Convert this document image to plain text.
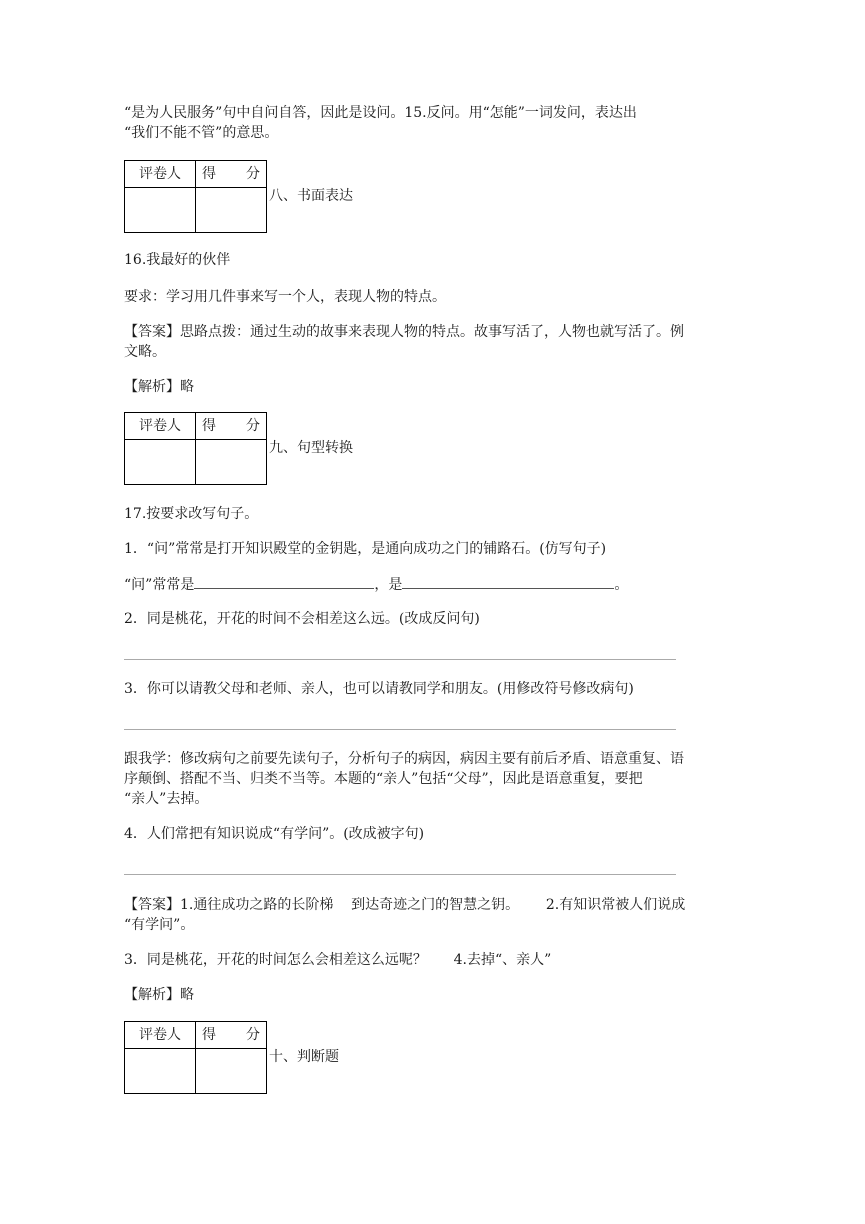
“是为人民服务”句中自问自答，因此是设问。15.反问。用“怎能”一词发问，表达出

“我们不能不管”的意思。

评卷人	得 分

八、书面表达

16.我最好的伙伴

要求：学习用几件事来写一个人，表现人物的特点。

【答案】思路点拨：通过生动的故事来表现人物的特点。故事写活了，人物也就写活了。例

文略。

【解析】略

评卷人	得 分

九、句型转换

17.按要求改写句子。

1．“问”常常是打开知识殿堂的金钥匙，是通向成功之门的铺路石。(仿写句子)

“问”常常是	，是	。

2．同是桃花，开花的时间不会相差这么远。(改成反问句)

3．你可以请教父母和老师、亲人，也可以请教同学和朋友。(用修改符号修改病句)

跟我学：修改病句之前要先读句子，分析句子的病因，病因主要有前后矛盾、语意重复、语

序颠倒、搭配不当、归类不当等。本题的“亲人”包括“父母”，因此是语意重复，要把

“亲人”去掉。

4．人们常把有知识说成“有学问”。(改成被字句)

【答案】1.通往成功之路的长阶梯    到达奇迹之门的智慧之钥。      2.有知识常被人们说成

“有学问”。

3．同是桃花，开花的时间怎么会相差这么远呢？      4.去掉“、亲人”

【解析】略

评卷人	得 分

十、判断题
